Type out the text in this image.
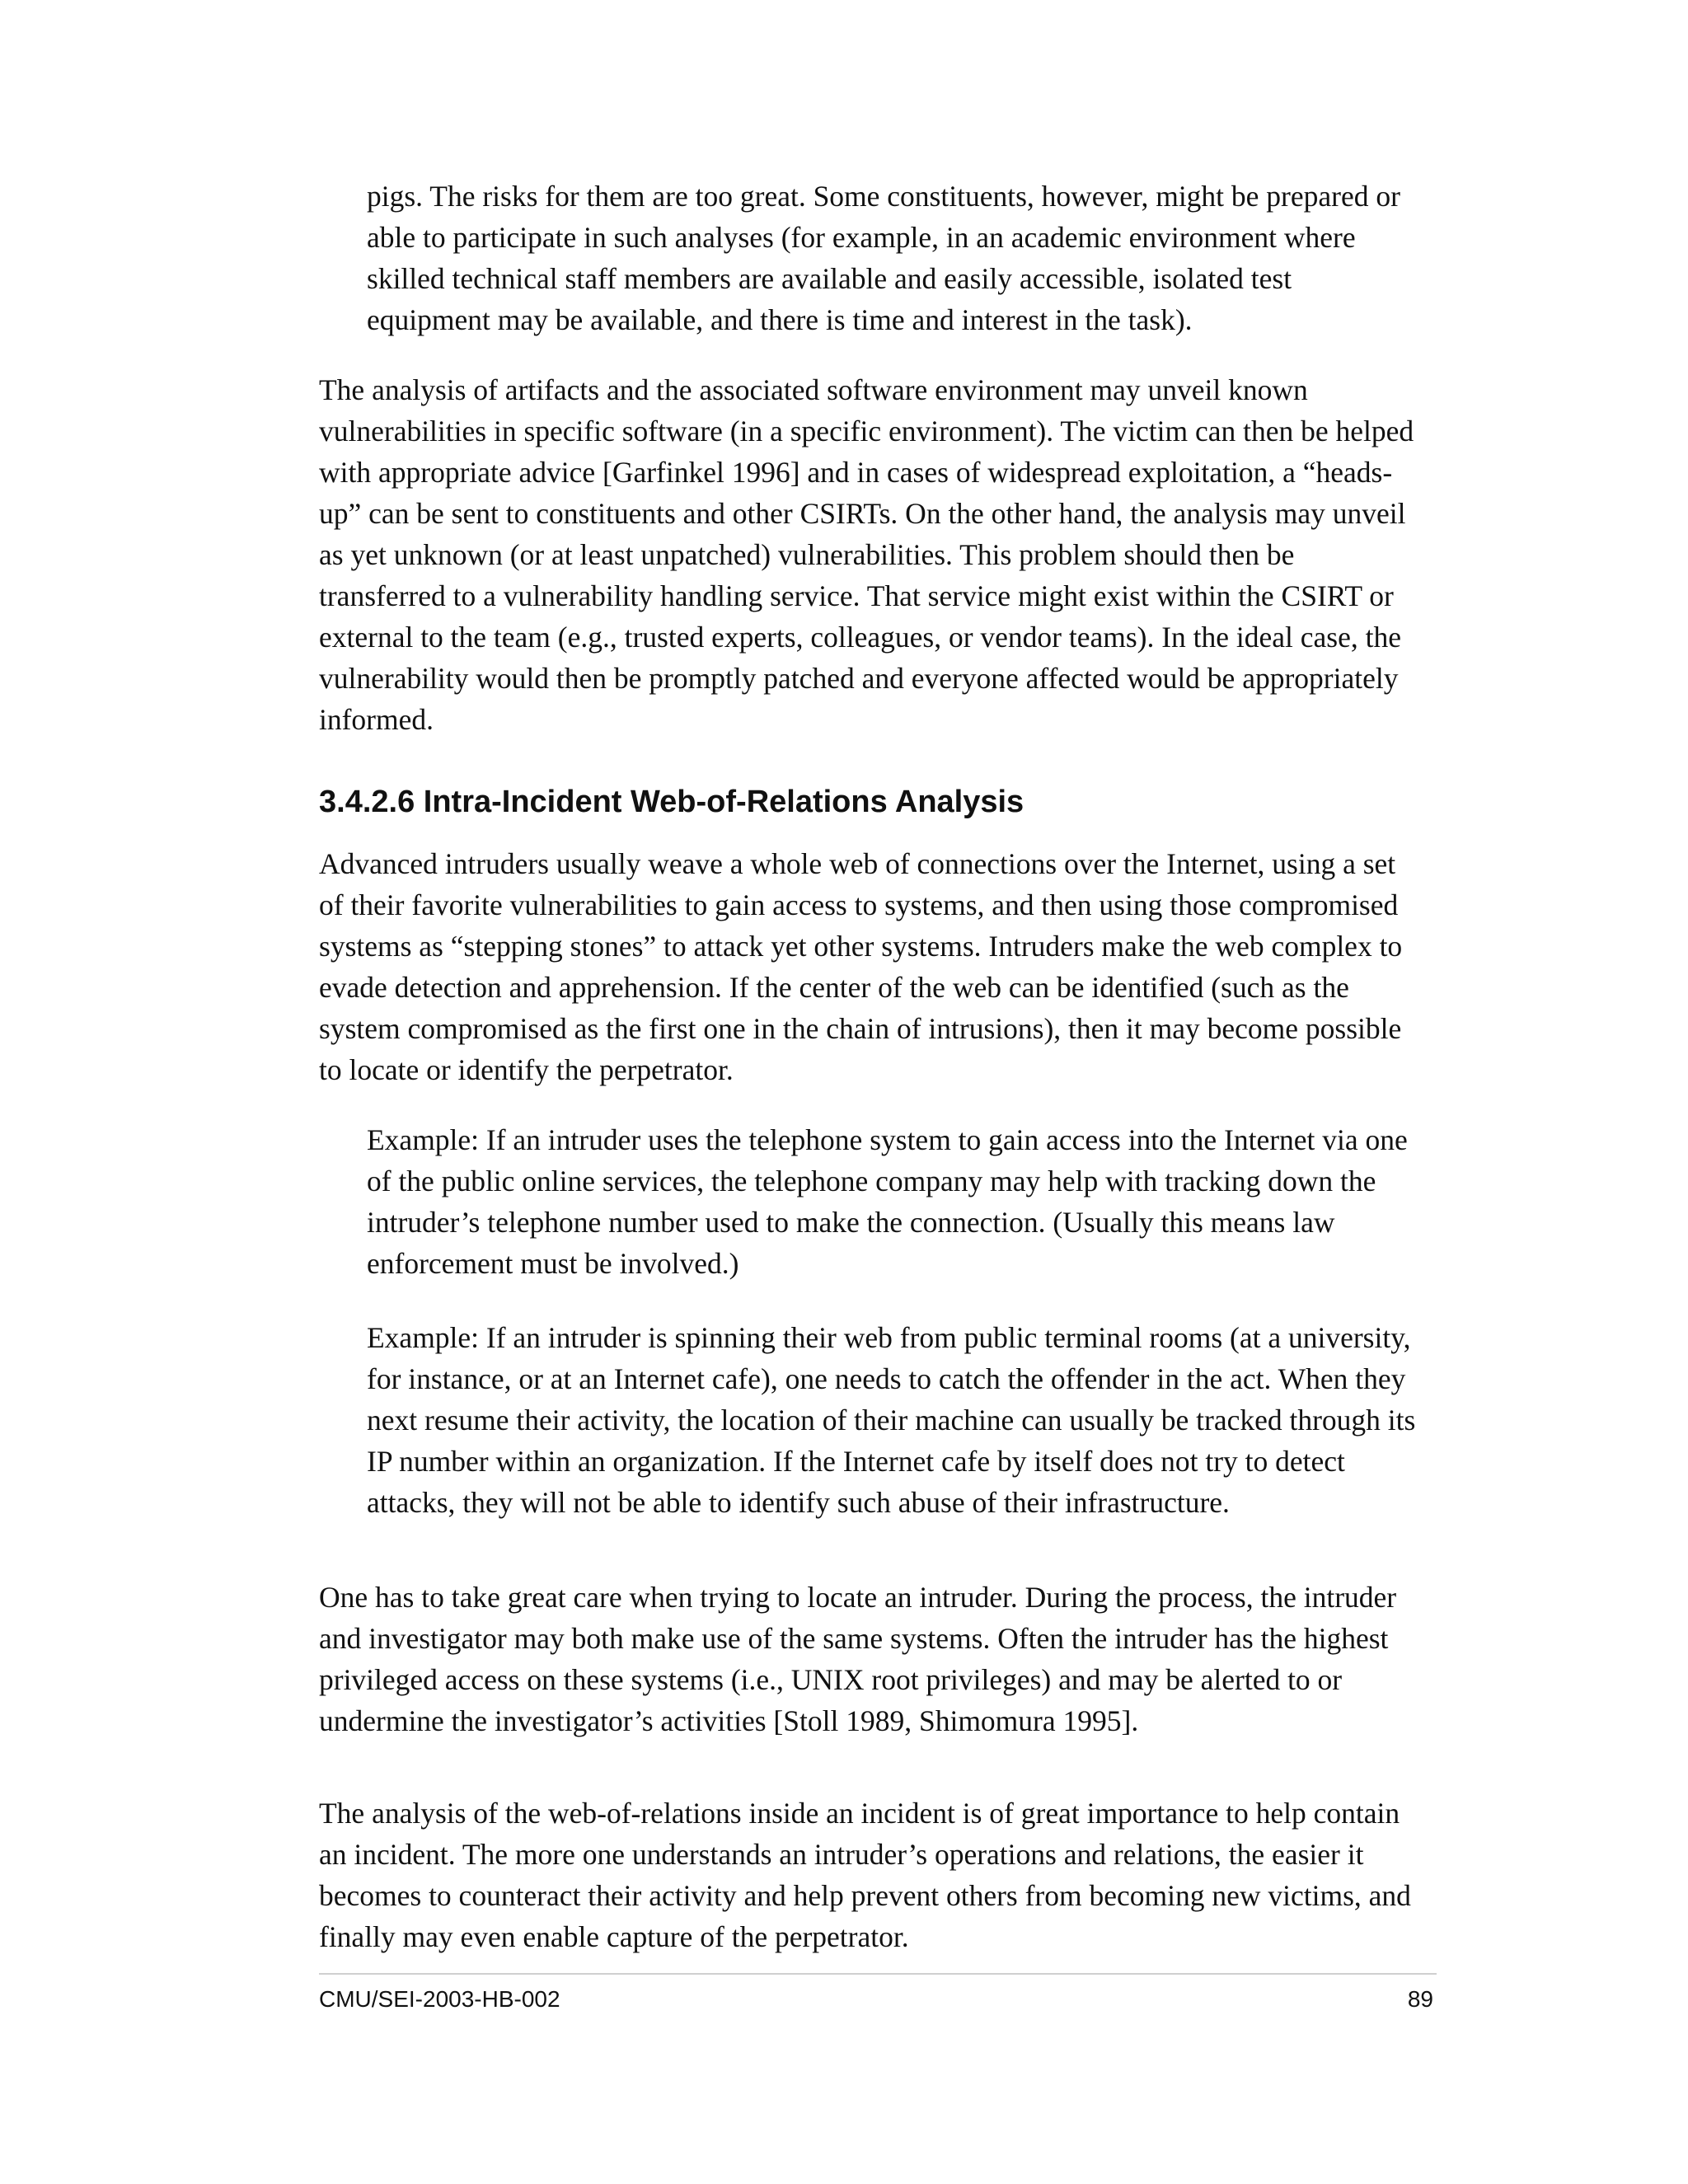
pigs. The risks for them are too great. Some constituents, however, might be prepared or
able to participate in such analyses (for example, in an academic environment where
skilled technical staff members are available and easily accessible, isolated test
equipment may be available, and there is time and interest in the task).

The analysis of artifacts and the associated software environment may unveil known
vulnerabilities in specific software (in a specific environment). The victim can then be helped
with appropriate advice [Garfinkel 1996] and in cases of widespread exploitation, a “heads-
up” can be sent to constituents and other CSIRTs. On the other hand, the analysis may unveil
as yet unknown (or at least unpatched) vulnerabilities. This problem should then be
transferred to a vulnerability handling service. That service might exist within the CSIRT or
external to the team (e.g., trusted experts, colleagues, or vendor teams). In the ideal case, the
vulnerability would then be promptly patched and everyone affected would be appropriately
informed.

3.4.2.6 Intra-Incident Web-of-Relations Analysis

Advanced intruders usually weave a whole web of connections over the Internet, using a set
of their favorite vulnerabilities to gain access to systems, and then using those compromised
systems as “stepping stones” to attack yet other systems. Intruders make the web complex to
evade detection and apprehension. If the center of the web can be identified (such as the
system compromised as the first one in the chain of intrusions), then it may become possible
to locate or identify the perpetrator.

Example: If an intruder uses the telephone system to gain access into the Internet via one
of the public online services, the telephone company may help with tracking down the
intruder’s telephone number used to make the connection. (Usually this means law
enforcement must be involved.)

Example: If an intruder is spinning their web from public terminal rooms (at a university,
for instance, or at an Internet cafe), one needs to catch the offender in the act. When they
next resume their activity, the location of their machine can usually be tracked through its
IP number within an organization. If the Internet cafe by itself does not try to detect
attacks, they will not be able to identify such abuse of their infrastructure.

One has to take great care when trying to locate an intruder. During the process, the intruder
and investigator may both make use of the same systems. Often the intruder has the highest
privileged access on these systems (i.e., UNIX root privileges) and may be alerted to or
undermine the investigator’s activities [Stoll 1989, Shimomura 1995].

The analysis of the web-of-relations inside an incident is of great importance to help contain
an incident. The more one understands an intruder’s operations and relations, the easier it
becomes to counteract their activity and help prevent others from becoming new victims, and
finally may even enable capture of the perpetrator.

CMU/SEI-2003-HB-002	89
